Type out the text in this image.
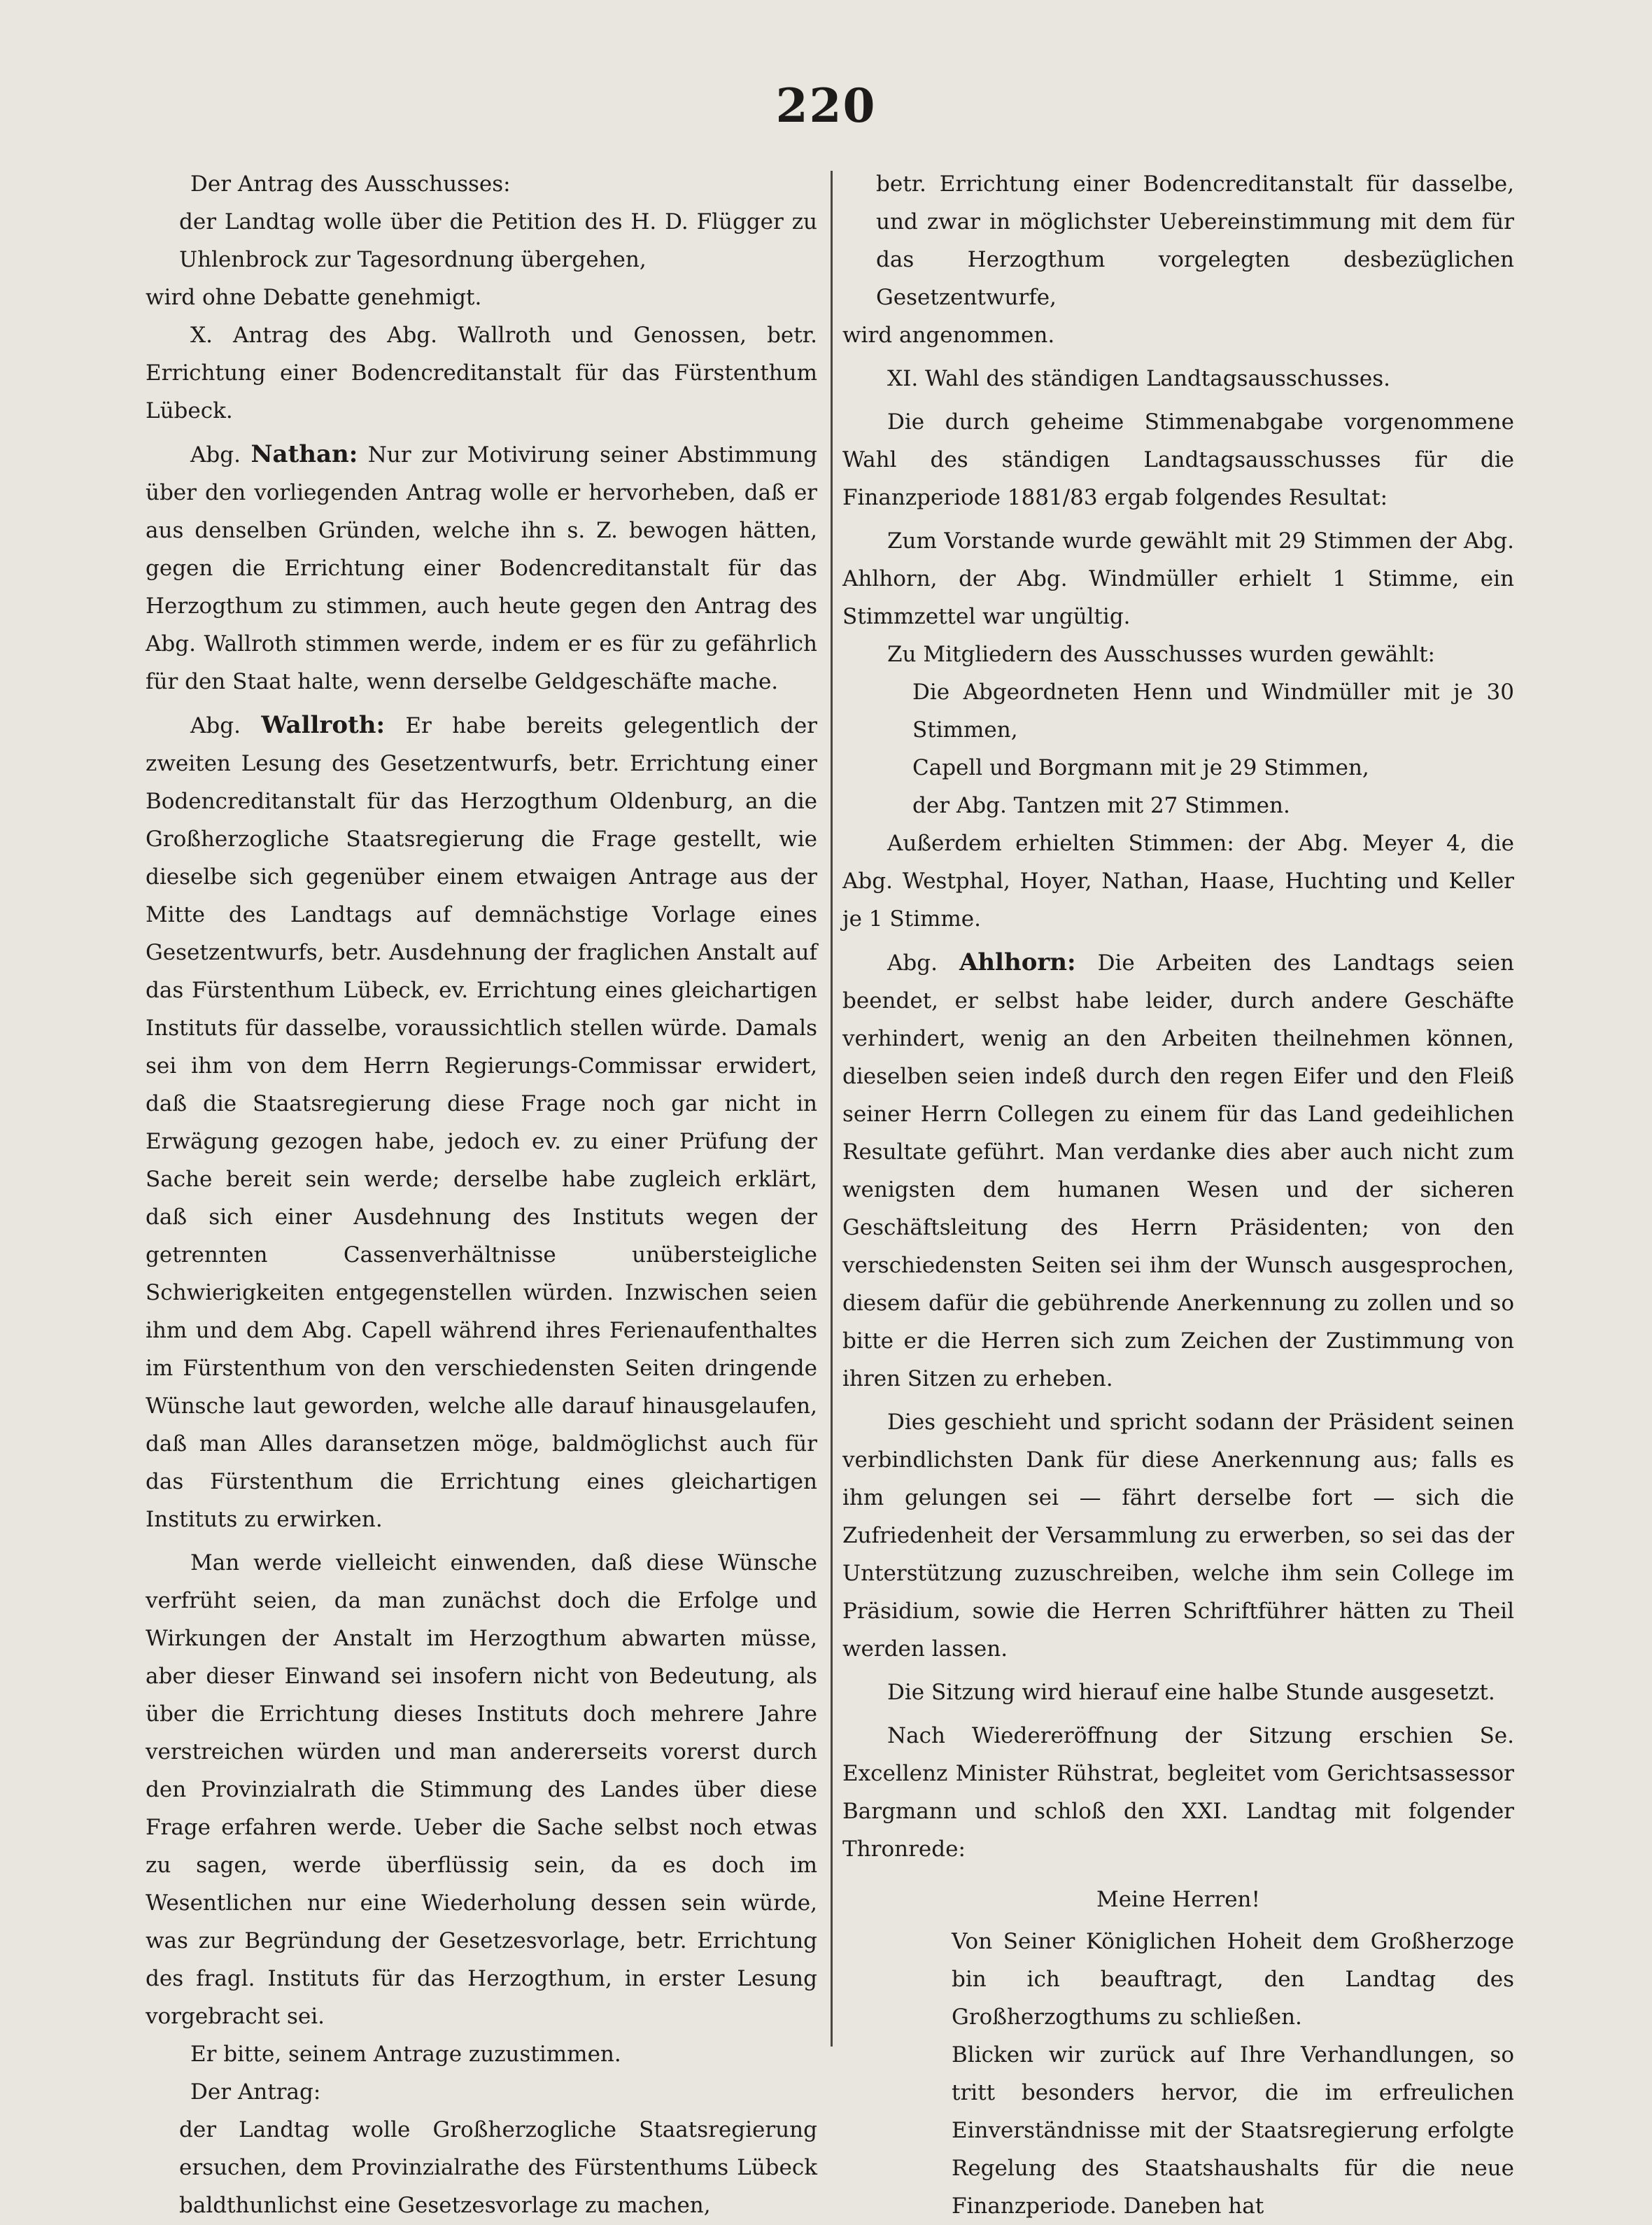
220

Der Antrag des Ausschusses:

der Landtag wolle über die Petition des H. D. Flügger zu Uhlenbrock zur Tagesordnung übergehen,

wird ohne Debatte genehmigt.

X. Antrag des Abg. Wallroth und Genossen, betr. Errichtung einer Bodencreditanstalt für das Fürstenthum Lübeck.

Abg. Nathan: Nur zur Motivirung seiner Abstimmung über den vorliegenden Antrag wolle er hervorheben, daß er aus denselben Gründen, welche ihn s. Z. bewogen hätten, gegen die Errichtung einer Bodencreditanstalt für das Herzogthum zu stimmen, auch heute gegen den Antrag des Abg. Wallroth stimmen werde, indem er es für zu gefährlich für den Staat halte, wenn derselbe Geldgeschäfte mache.

Abg. Wallroth: Er habe bereits gelegentlich der zweiten Lesung des Gesetzentwurfs, betr. Errichtung einer Bodencreditanstalt für das Herzogthum Oldenburg, an die Großherzogliche Staatsregierung die Frage gestellt, wie dieselbe sich gegenüber einem etwaigen Antrage aus der Mitte des Landtags auf demnächstige Vorlage eines Gesetzentwurfs, betr. Ausdehnung der fraglichen Anstalt auf das Fürstenthum Lübeck, ev. Errichtung eines gleichartigen Instituts für dasselbe, voraussichtlich stellen würde. Damals sei ihm von dem Herrn Regierungs-Commissar erwidert, daß die Staatsregierung diese Frage noch gar nicht in Erwägung gezogen habe, jedoch ev. zu einer Prüfung der Sache bereit sein werde; derselbe habe zugleich erklärt, daß sich einer Ausdehnung des Instituts wegen der getrennten Cassenverhältnisse unübersteigliche Schwierigkeiten entgegenstellen würden. Inzwischen seien ihm und dem Abg. Capell während ihres Ferienaufenthaltes im Fürstenthum von den verschiedensten Seiten dringende Wünsche laut geworden, welche alle darauf hinausgelaufen, daß man Alles daransetzen möge, baldmöglichst auch für das Fürstenthum die Errichtung eines gleichartigen Instituts zu erwirken.

Man werde vielleicht einwenden, daß diese Wünsche verfrüht seien, da man zunächst doch die Erfolge und Wirkungen der Anstalt im Herzogthum abwarten müsse, aber dieser Einwand sei insofern nicht von Bedeutung, als über die Errichtung dieses Instituts doch mehrere Jahre verstreichen würden und man andererseits vorerst durch den Provinzialrath die Stimmung des Landes über diese Frage erfahren werde. Ueber die Sache selbst noch etwas zu sagen, werde überflüssig sein, da es doch im Wesentlichen nur eine Wiederholung dessen sein würde, was zur Begründung der Gesetzesvorlage, betr. Errichtung des fragl. Instituts für das Herzogthum, in erster Lesung vorgebracht sei.

Er bitte, seinem Antrage zuzustimmen.

Der Antrag:

der Landtag wolle Großherzogliche Staatsregierung ersuchen, dem Provinzialrathe des Fürstenthums Lübeck baldthunlichst eine Gesetzesvorlage zu machen,

betr. Errichtung einer Bodencreditanstalt für dasselbe, und zwar in möglichster Uebereinstimmung mit dem für das Herzogthum vorgelegten desbezüglichen Gesetzentwurfe,

wird angenommen.

XI. Wahl des ständigen Landtagsausschusses.

Die durch geheime Stimmenabgabe vorgenommene Wahl des ständigen Landtagsausschusses für die Finanzperiode 1881/83 ergab folgendes Resultat:

Zum Vorstande wurde gewählt mit 29 Stimmen der Abg. Ahlhorn, der Abg. Windmüller erhielt 1 Stimme, ein Stimmzettel war ungültig.

Zu Mitgliedern des Ausschusses wurden gewählt:

Die Abgeordneten Henn und Windmüller mit je 30 Stimmen,

Capell und Borgmann mit je 29 Stimmen,

der Abg. Tantzen mit 27 Stimmen.

Außerdem erhielten Stimmen: der Abg. Meyer 4, die Abg. Westphal, Hoyer, Nathan, Haase, Huchting und Keller je 1 Stimme.

Abg. Ahlhorn: Die Arbeiten des Landtags seien beendet, er selbst habe leider, durch andere Geschäfte verhindert, wenig an den Arbeiten theilnehmen können, dieselben seien indeß durch den regen Eifer und den Fleiß seiner Herrn Collegen zu einem für das Land gedeihlichen Resultate geführt. Man verdanke dies aber auch nicht zum wenigsten dem humanen Wesen und der sicheren Geschäftsleitung des Herrn Präsidenten; von den verschiedensten Seiten sei ihm der Wunsch ausgesprochen, diesem dafür die gebührende Anerkennung zu zollen und so bitte er die Herren sich zum Zeichen der Zustimmung von ihren Sitzen zu erheben.

Dies geschieht und spricht sodann der Präsident seinen verbindlichsten Dank für diese Anerkennung aus; falls es ihm gelungen sei — fährt derselbe fort — sich die Zufriedenheit der Versammlung zu erwerben, so sei das der Unterstützung zuzuschreiben, welche ihm sein College im Präsidium, sowie die Herren Schriftführer hätten zu Theil werden lassen.

Die Sitzung wird hierauf eine halbe Stunde ausgesetzt.

Nach Wiedereröffnung der Sitzung erschien Se. Excellenz Minister Rühstrat, begleitet vom Gerichtsassessor Bargmann und schloß den XXI. Landtag mit folgender Thronrede:

Meine Herren!

Von Seiner Königlichen Hoheit dem Großherzoge bin ich beauftragt, den Landtag des Großherzogthums zu schließen.

Blicken wir zurück auf Ihre Verhandlungen, so tritt besonders hervor, die im erfreulichen Einverständnisse mit der Staatsregierung erfolgte Regelung des Staatshaushalts für die neue Finanzperiode. Daneben hat
